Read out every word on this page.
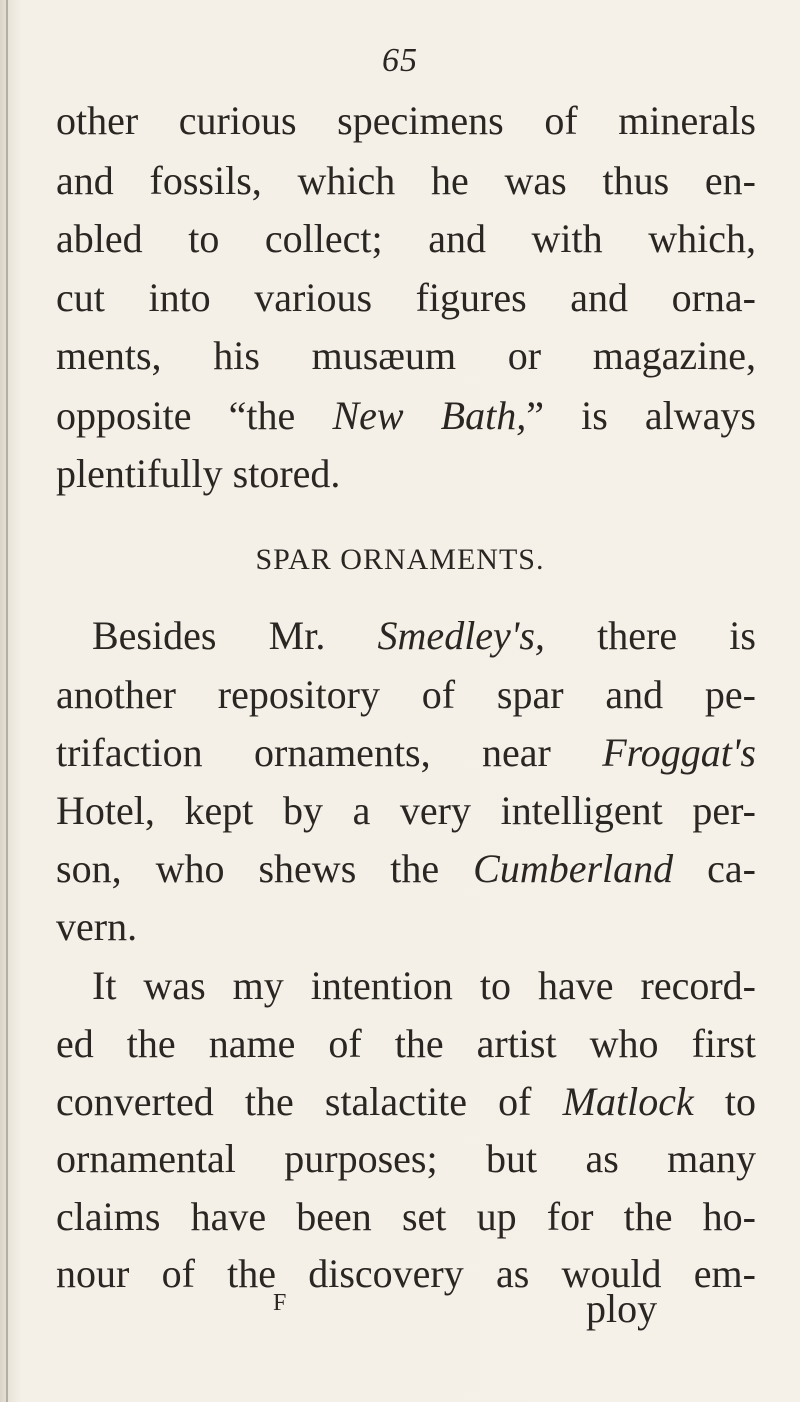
65
other curious specimens of minerals
and fossils, which he was thus en-
abled to collect; and with which,
cut into various figures and orna-
ments, his musæum or magazine,
opposite “the New Bath,” is always
plentifully stored.
SPAR ORNAMENTS.
Besides Mr. Smedley's, there is
another repository of spar and pe-
trifaction ornaments, near Froggat's
Hotel, kept by a very intelligent per-
son, who shews the Cumberland ca-
vern.
It was my intention to have record-
ed the name of the artist who first
converted the stalactite of Matlock to
ornamental purposes; but as many
claims have been set up for the ho-
nour of the discovery as would em-
F	ploy
